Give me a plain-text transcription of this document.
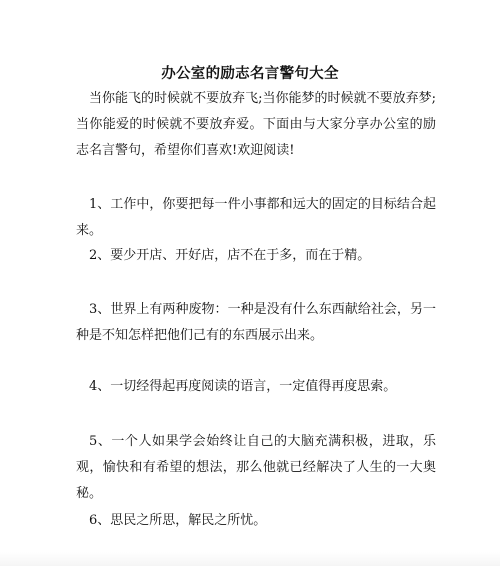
办公室的励志名言警句大全
当你能飞的时候就不要放弃飞;当你能梦的时候就不要放弃梦;当你能爱的时候就不要放弃爱。下面由与大家分享办公室的励志名言警句，希望你们喜欢!欢迎阅读!
1、工作中，你要把每一件小事都和远大的固定的目标结合起来。
2、要少开店、开好店，店不在于多，而在于精。
3、世界上有两种废物：一种是没有什么东西献给社会，另一种是不知怎样把他们己有的东西展示出来。
4、一切经得起再度阅读的语言，一定值得再度思索。
5、一个人如果学会始终让自己的大脑充满积极，进取，乐观，愉快和有希望的想法，那么他就已经解决了人生的一大奥秘。
6、思民之所思，解民之所忧。
